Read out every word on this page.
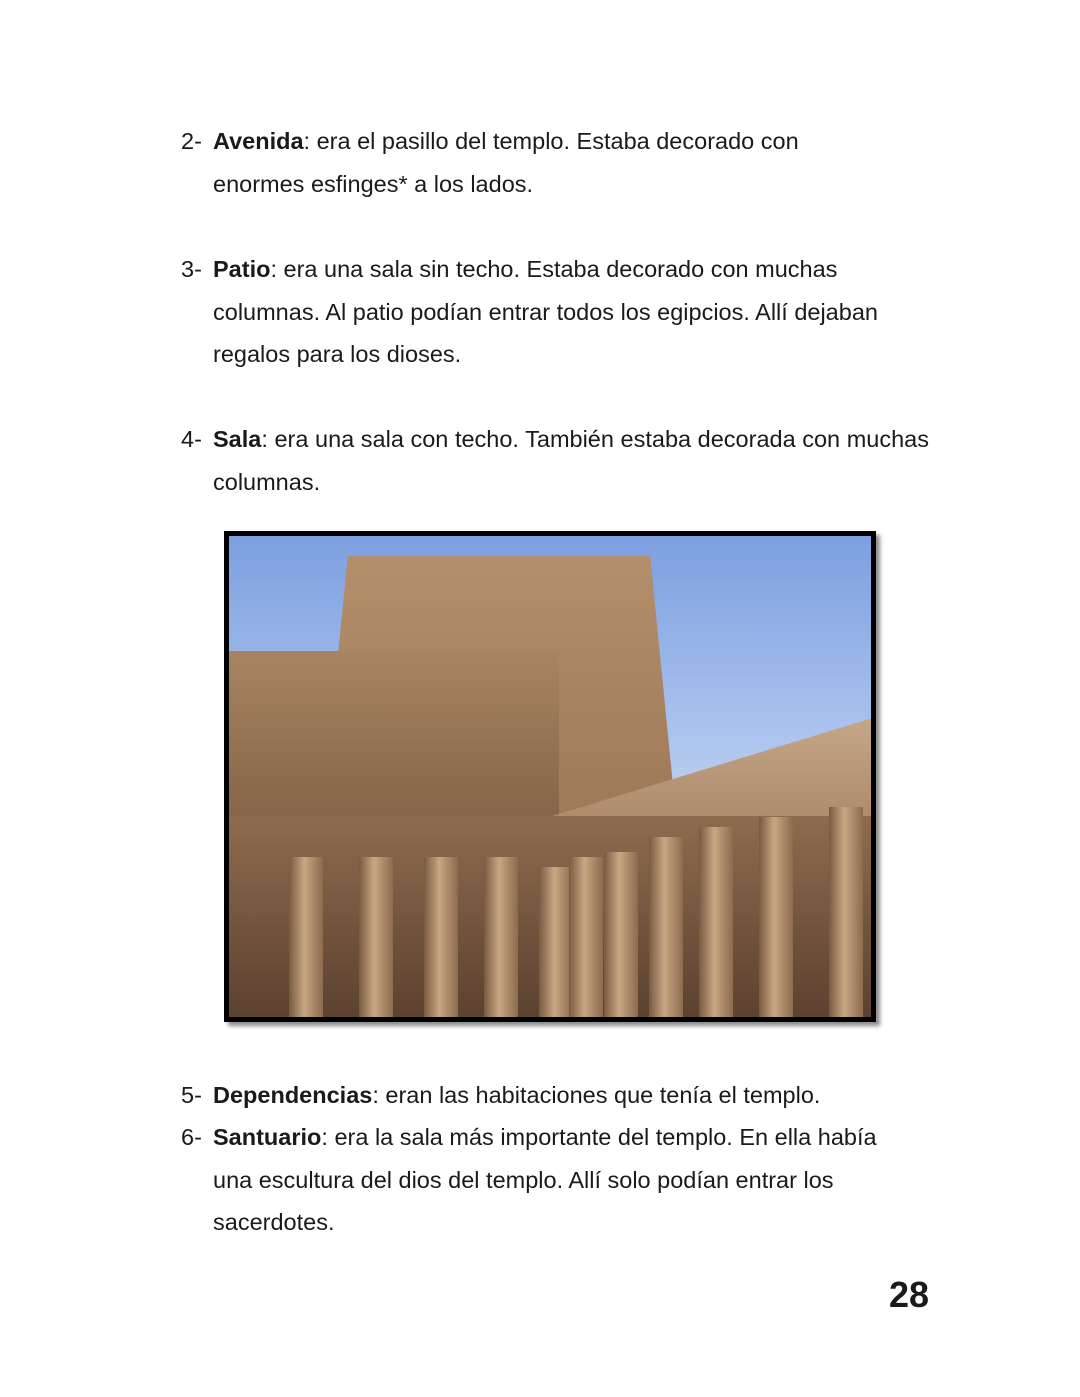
2- Avenida: era el pasillo del templo. Estaba decorado con enormes esfinges* a los lados.
3- Patio: era una sala sin techo. Estaba decorado con muchas columnas. Al patio podían entrar todos los egipcios. Allí dejaban regalos para los dioses.
4- Sala: era una sala con techo. También estaba decorada con muchas columnas.
5- Dependencias: eran las habitaciones que tenía el templo.
6- Santuario: era la sala más importante del templo. En ella había una escultura del dios del templo. Allí solo podían entrar los sacerdotes.
28
